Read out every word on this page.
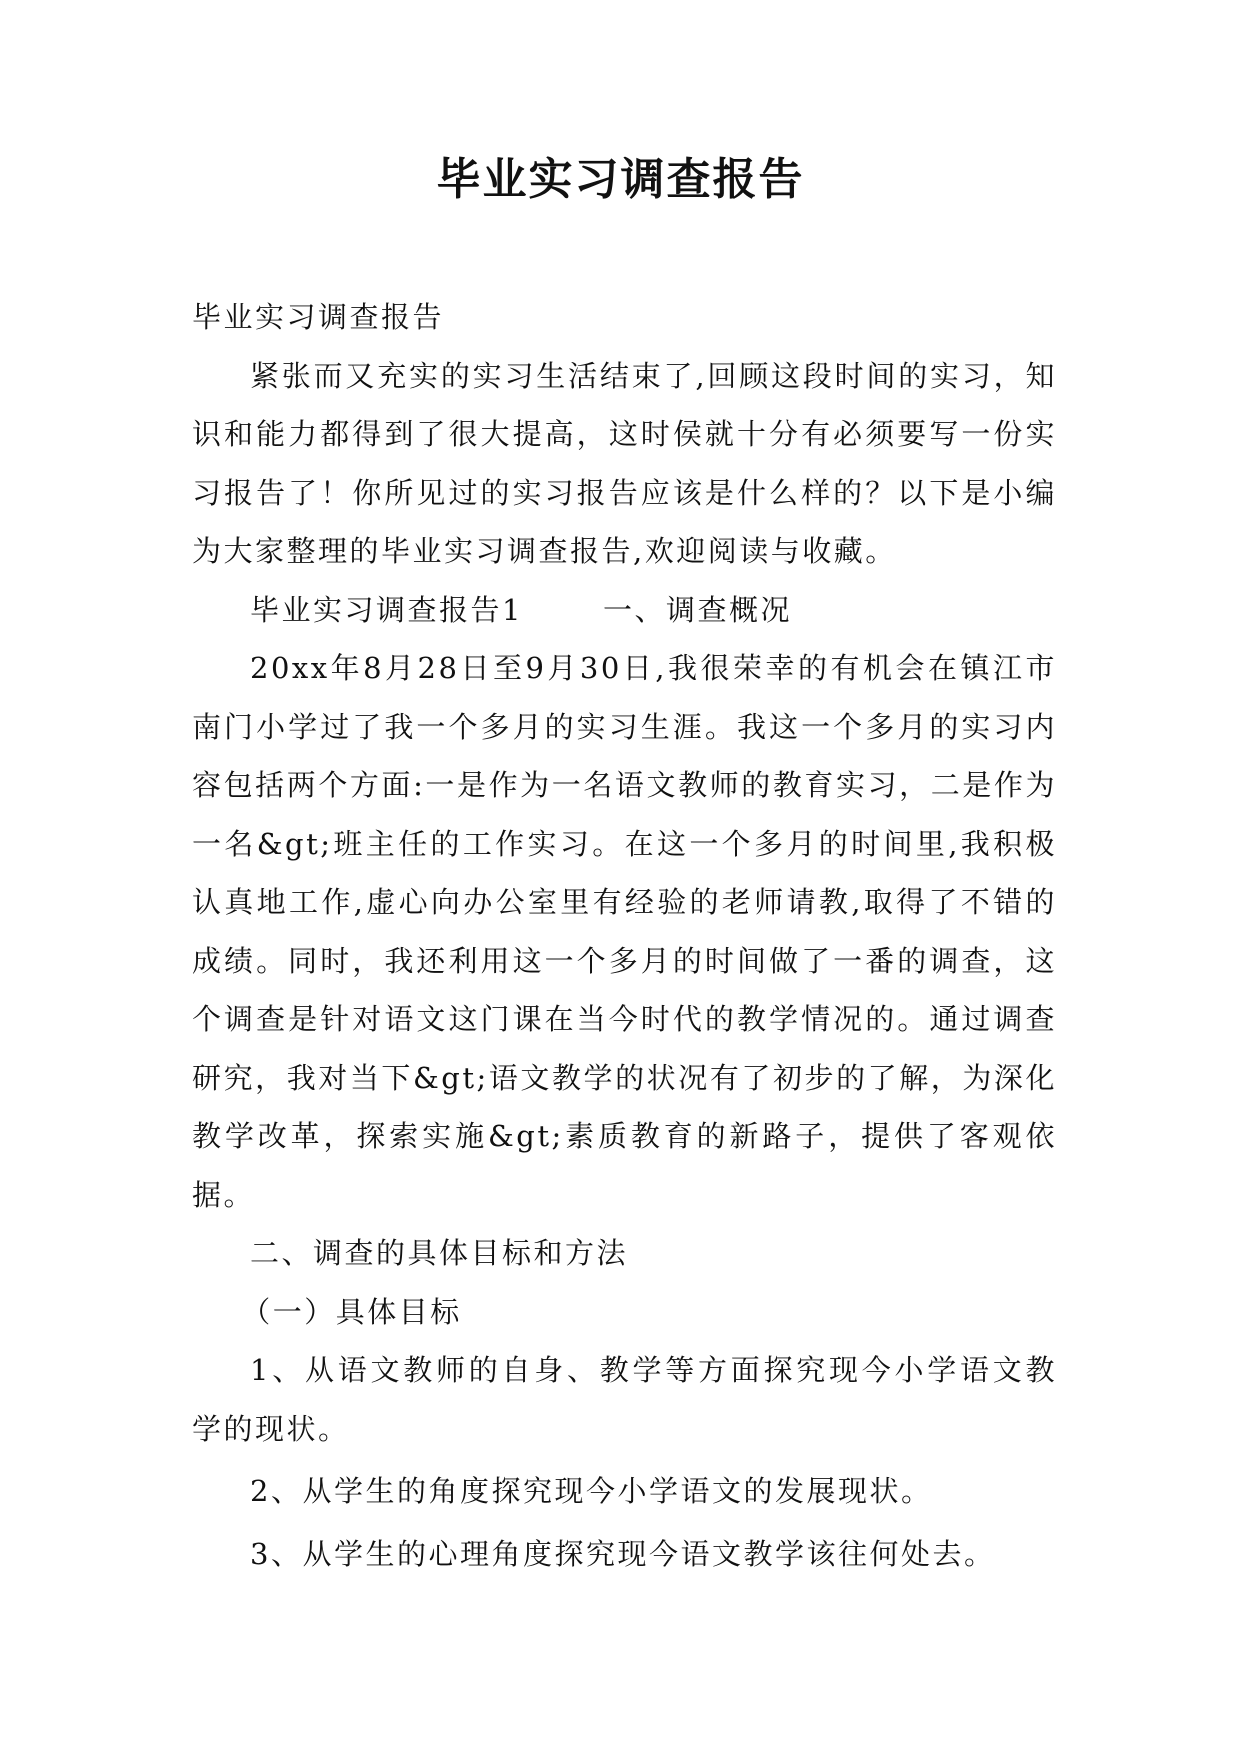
毕业实习调查报告

毕业实习调查报告

紧张而又充实的实习生活结束了,回顾这段时间的实习，知识和能力都得到了很大提高，这时侯就十分有必须要写一份实习报告了！你所见过的实习报告应该是什么样的？以下是小编为大家整理的毕业实习调查报告,欢迎阅读与收藏。

毕业实习调查报告1	一、调查概况

20xx年8月28日至9月30日,我很荣幸的有机会在镇江市南门小学过了我一个多月的实习生涯。我这一个多月的实习内容包括两个方面:一是作为一名语文教师的教育实习，二是作为一名&gt;班主任的工作实习。在这一个多月的时间里,我积极认真地工作,虚心向办公室里有经验的老师请教,取得了不错的成绩。同时，我还利用这一个多月的时间做了一番的调查，这个调查是针对语文这门课在当今时代的教学情况的。通过调查研究，我对当下&gt;语文教学的状况有了初步的了解，为深化教学改革，探索实施&gt;素质教育的新路子，提供了客观依据。

二、调查的具体目标和方法

（一）具体目标

1、从语文教师的自身、教学等方面探究现今小学语文教学的现状。

2、从学生的角度探究现今小学语文的发展现状。

3、从学生的心理角度探究现今语文教学该往何处去。
